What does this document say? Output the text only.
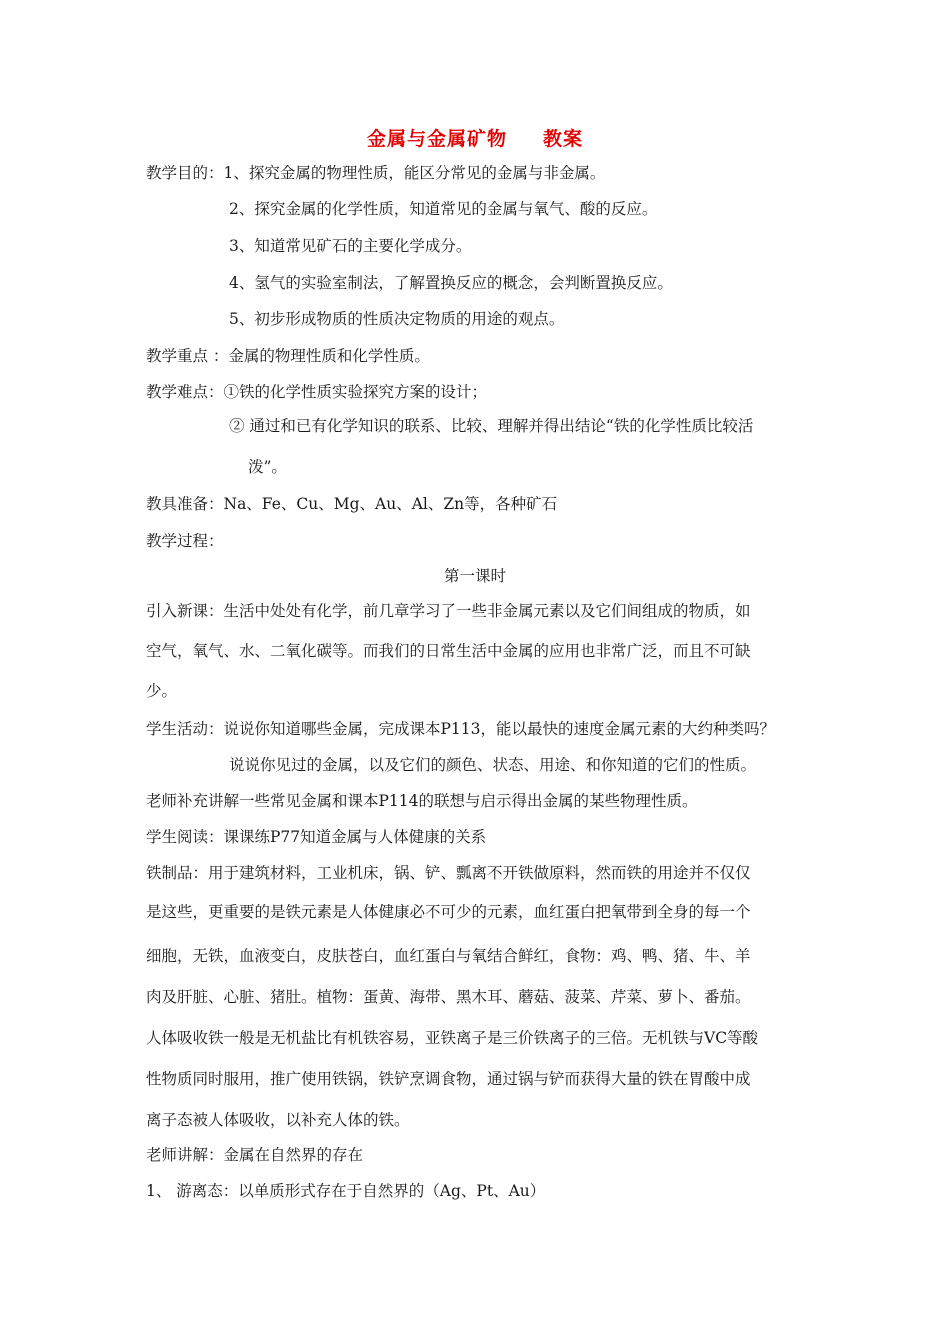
金属与金属矿物 教案
教学目的：1、探究金属的物理性质，能区分常见的金属与非金属。
2、探究金属的化学性质，知道常见的金属与氧气、酸的反应。
3、知道常见矿石的主要化学成分。
4、氢气的实验室制法，了解置换反应的概念，会判断置换反应。
5、初步形成物质的性质决定物质的用途的观点。
教学重点 ：金属的物理性质和化学性质。
教学难点：①铁的化学性质实验探究方案的设计；
② 通过和已有化学知识的联系、比较、理解并得出结论“铁的化学性质比较活
泼”。
教具准备：Na、Fe、Cu、Mg、Au、Al、Zn等，各种矿石
教学过程：
第一课时
引入新课：生活中处处有化学，前几章学习了一些非金属元素以及它们间组成的物质，如
空气，氧气、水、二氧化碳等。而我们的日常生活中金属的应用也非常广泛，而且不可缺
少。
学生活动：说说你知道哪些金属，完成课本P113，能以最快的速度金属元素的大约种类吗？
说说你见过的金属，以及它们的颜色、状态、用途、和你知道的它们的性质。
老师补充讲解一些常见金属和课本P114的联想与启示得出金属的某些物理性质。
学生阅读：课课练P77知道金属与人体健康的关系
铁制品：用于建筑材料，工业机床，锅、铲、瓢离不开铁做原料，然而铁的用途并不仅仅
是这些，更重要的是铁元素是人体健康必不可少的元素，血红蛋白把氧带到全身的每一个
细胞，无铁，血液变白，皮肤苍白，血红蛋白与氧结合鲜红，食物：鸡、鸭、猪、牛、羊
肉及肝脏、心脏、猪肚。植物：蛋黄、海带、黑木耳、蘑菇、菠菜、芹菜、萝卜、番茄。
人体吸收铁一般是无机盐比有机铁容易，亚铁离子是三价铁离子的三倍。无机铁与VC等酸
性物质同时服用，推广使用铁锅，铁铲烹调食物，通过锅与铲而获得大量的铁在胃酸中成
离子态被人体吸收，以补充人体的铁。
老师讲解：金属在自然界的存在
1、 游离态：以单质形式存在于自然界的（Ag、Pt、Au）
